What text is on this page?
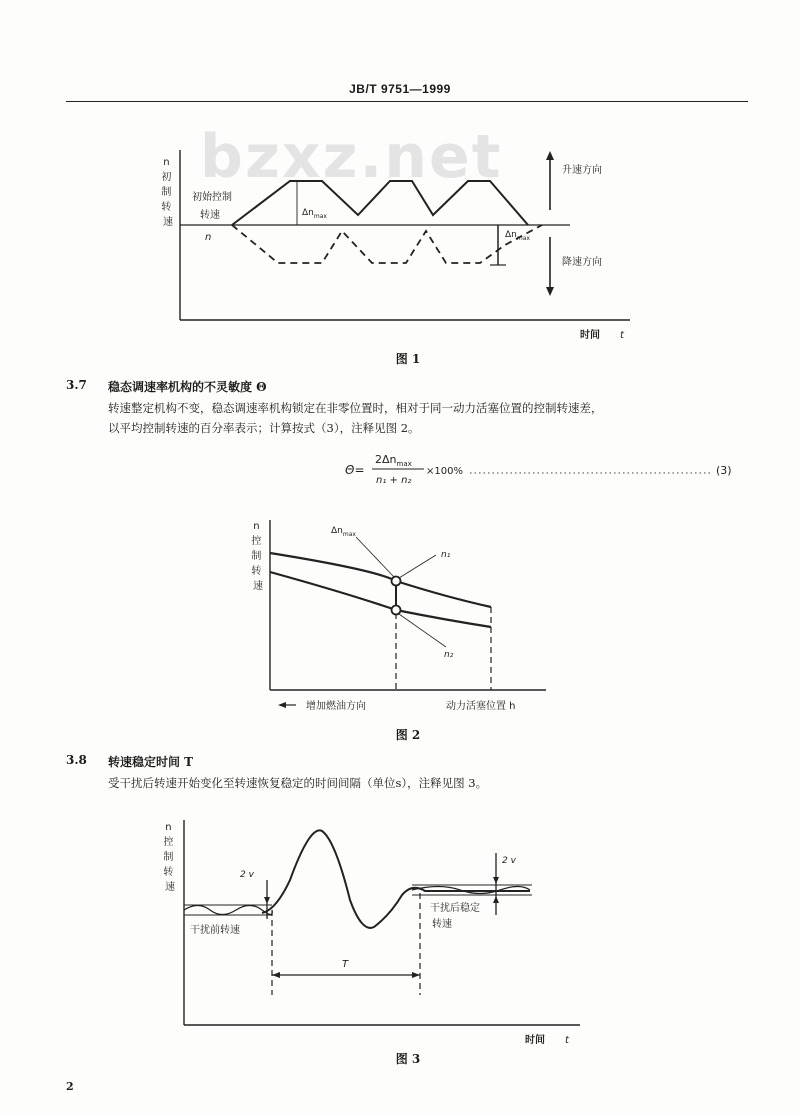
JB/T 9751—1999
bzxz.net
n 初 制 转 速
初始控制 转速
n
$\Delta n_{max}$
$\Delta n_{max}$
升速方向
降速方向
时间 t
图 1
3.7 稳态调速率机构的不灵敏度 Θ
转速整定机构不变，稳态调速率机构锁定在非零位置时，相对于同一动力活塞位置的控制转速差，
以平均控制转速的百分率表示；计算按式（3），注释见图 2。
Θ=
$2\Delta n_{max}$
n₁ + n₂
×100%	(3)
n 控 制 转 速
$\Delta n_{max}$
n₁
n₂
增加燃油方向	动力活塞位置 h
图 2
3.8 转速稳定时间 T
受干扰后转速开始变化至转速恢复稳定的时间间隔（单位s），注释见图 3。
n 控 制 转 速
2 v
2 v
干扰前转速
干扰后稳定 转速
T
时间 t
图 3
2
